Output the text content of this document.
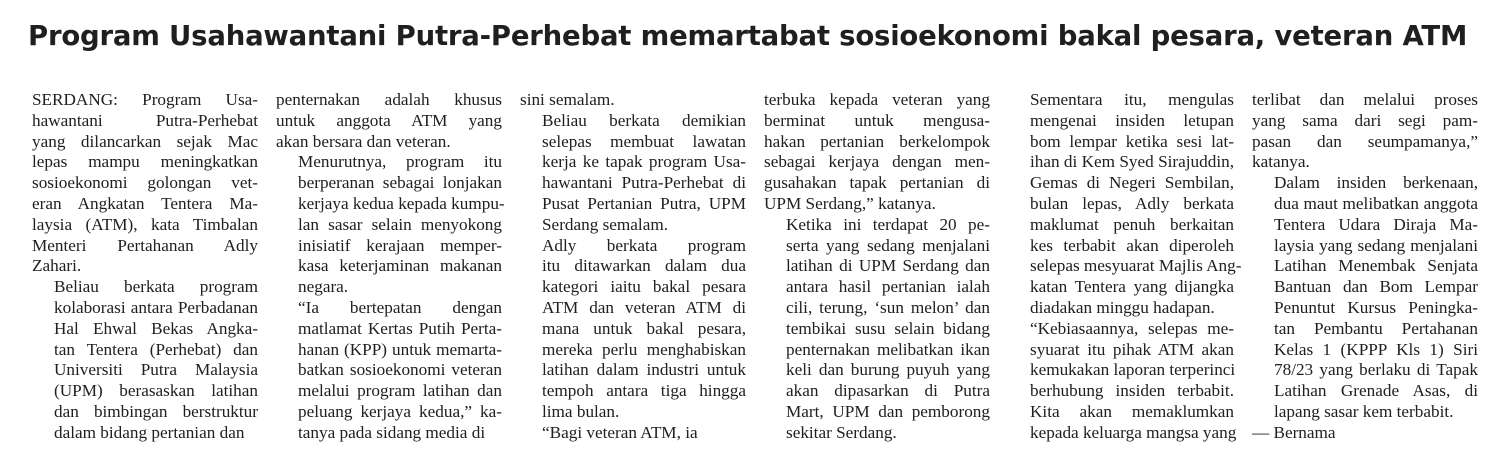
Program Usahawantani Putra-Perhebat memartabat sosioekonomi bakal pesara, veteran ATM

SERDANG: Program Usa-
hawantani Putra-Perhebat
yang dilancarkan sejak Mac
lepas mampu meningkatkan
sosioekonomi golongan vet-
eran Angkatan Tentera Ma-
laysia (ATM), kata Timbalan
Menteri Pertahanan Adly
Zahari.

Beliau berkata program
kolaborasi antara Perbadanan
Hal Ehwal Bekas Angka-
tan Tentera (Perhebat) dan
Universiti Putra Malaysia
(UPM) berasaskan latihan
dan bimbingan berstruktur
dalam bidang pertanian dan

penternakan adalah khusus
untuk anggota ATM yang
akan bersara dan veteran.

Menurutnya, program itu
berperanan sebagai lonjakan
kerjaya kedua kepada kumpu-
lan sasar selain menyokong
inisiatif kerajaan memper-
kasa keterjaminan makanan
negara.

“Ia bertepatan dengan
matlamat Kertas Putih Perta-
hanan (KPP) untuk memarta-
batkan sosioekonomi veteran
melalui program latihan dan
peluang kerjaya kedua,” ka-
tanya pada sidang media di

sini semalam.

Beliau berkata demikian
selepas membuat lawatan
kerja ke tapak program Usa-
hawantani Putra-Perhebat di
Pusat Pertanian Putra, UPM
Serdang semalam.

Adly berkata program
itu ditawarkan dalam dua
kategori iaitu bakal pesara
ATM dan veteran ATM di
mana untuk bakal pesara,
mereka perlu menghabiskan
latihan dalam industri untuk
tempoh antara tiga hingga
lima bulan.

“Bagi veteran ATM, ia

terbuka kepada veteran yang
berminat untuk mengusa-
hakan pertanian berkelompok
sebagai kerjaya dengan men-
gusahakan tapak pertanian di
UPM Serdang,” katanya.

Ketika ini terdapat 20 pe-
serta yang sedang menjalani
latihan di UPM Serdang dan
antara hasil pertanian ialah
cili, terung, ‘sun melon’ dan
tembikai susu selain bidang
penternakan melibatkan ikan
keli dan burung puyuh yang
akan dipasarkan di Putra
Mart, UPM dan pemborong
sekitar Serdang.

Sementara itu, mengulas
mengenai insiden letupan
bom lempar ketika sesi lat-
ihan di Kem Syed Sirajuddin,
Gemas di Negeri Sembilan,
bulan lepas, Adly berkata
maklumat penuh berkaitan
kes terbabit akan diperoleh
selepas mesyuarat Majlis Ang-
katan Tentera yang dijangka
diadakan minggu hadapan.

“Kebiasaannya, selepas me-
syuarat itu pihak ATM akan
kemukakan laporan terperinci
berhubung insiden terbabit.
Kita akan memaklumkan
kepada keluarga mangsa yang

terlibat dan melalui proses
yang sama dari segi pam-
pasan dan seumpamanya,”
katanya.

Dalam insiden berkenaan,
dua maut melibatkan anggota
Tentera Udara Diraja Ma-
laysia yang sedang menjalani
Latihan Menembak Senjata
Bantuan dan Bom Lempar
Penuntut Kursus Peningka-
tan Pembantu Pertahanan
Kelas 1 (KPPP Kls 1) Siri
78/23 yang berlaku di Tapak
Latihan Grenade Asas, di
lapang sasar kem terbabit.

— Bernama
